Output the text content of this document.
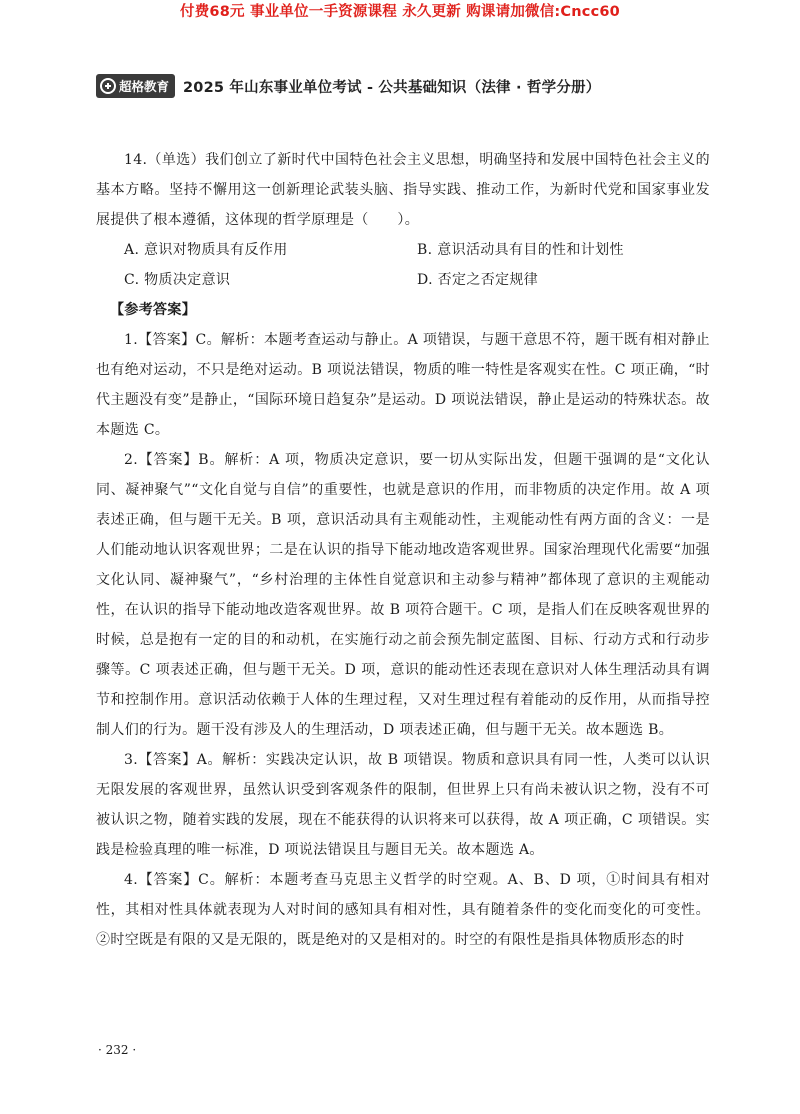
付费68元 事业单位一手资源课程 永久更新 购课请加微信:Cncc60
超格教育 2025 年山东事业单位考试 - 公共基础知识（法律 · 哲学分册）

14.（单选）我们创立了新时代中国特色社会主义思想，明确坚持和发展中国特色社会主义的基本方略。坚持不懈用这一创新理论武装头脑、指导实践、推动工作，为新时代党和国家事业发展提供了根本遵循，这体现的哲学原理是（　　）。

A. 意识对物质具有反作用	B. 意识活动具有目的性和计划性
C. 物质决定意识	D. 否定之否定规律
【参考答案】

1.【答案】C。解析：本题考查运动与静止。A 项错误，与题干意思不符，题干既有相对静止也有绝对运动，不只是绝对运动。B 项说法错误，物质的唯一特性是客观实在性。C 项正确，“时代主题没有变”是静止，“国际环境日趋复杂”是运动。D 项说法错误，静止是运动的特殊状态。故本题选 C。

2.【答案】B。解析：A 项，物质决定意识，要一切从实际出发，但题干强调的是“文化认同、凝神聚气”“文化自觉与自信”的重要性，也就是意识的作用，而非物质的决定作用。故 A 项表述正确，但与题干无关。B 项，意识活动具有主观能动性，主观能动性有两方面的含义：一是人们能动地认识客观世界；二是在认识的指导下能动地改造客观世界。国家治理现代化需要“加强文化认同、凝神聚气”，“乡村治理的主体性自觉意识和主动参与精神”都体现了意识的主观能动性，在认识的指导下能动地改造客观世界。故 B 项符合题干。C 项，是指人们在反映客观世界的时候，总是抱有一定的目的和动机，在实施行动之前会预先制定蓝图、目标、行动方式和行动步骤等。C 项表述正确，但与题干无关。D 项，意识的能动性还表现在意识对人体生理活动具有调节和控制作用。意识活动依赖于人体的生理过程，又对生理过程有着能动的反作用，从而指导控制人们的行为。题干没有涉及人的生理活动，D 项表述正确，但与题干无关。故本题选 B。

3.【答案】A。解析：实践决定认识，故 B 项错误。物质和意识具有同一性，人类可以认识无限发展的客观世界，虽然认识受到客观条件的限制，但世界上只有尚未被认识之物，没有不可被认识之物，随着实践的发展，现在不能获得的认识将来可以获得，故 A 项正确，C 项错误。实践是检验真理的唯一标准，D 项说法错误且与题目无关。故本题选 A。

4.【答案】C。解析：本题考查马克思主义哲学的时空观。A、B、D 项，①时间具有相对性，其相对性具体就表现为人对时间的感知具有相对性，具有随着条件的变化而变化的可变性。②时空既是有限的又是无限的，既是绝对的又是相对的。时空的有限性是指具体物质形态的时

· 232 ·
